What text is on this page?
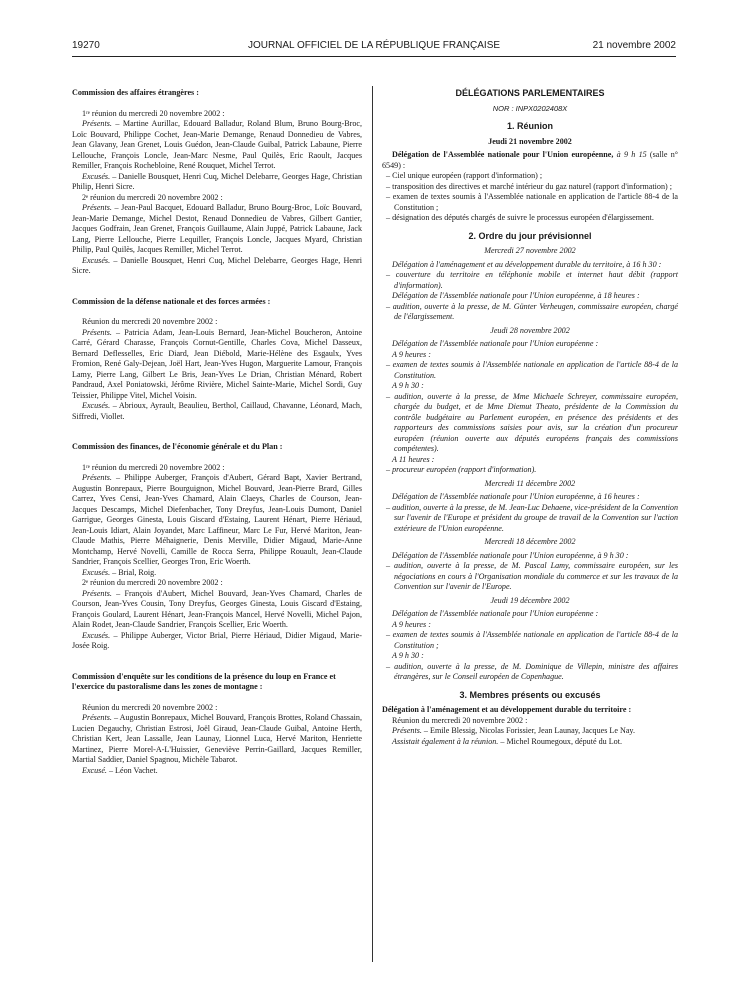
19270	JOURNAL OFFICIEL DE LA RÉPUBLIQUE FRANÇAISE	21 novembre 2002

Commission des affaires étrangères :

1ʳᵉ réunion du mercredi 20 novembre 2002 :

Présents. – Martine Aurillac, Edouard Balladur, Roland Blum, Bruno Bourg-Broc, Loïc Bouvard, Philippe Cochet, Jean-Marie Demange, Renaud Donnedieu de Vabres, Jean Glavany, Jean Grenet, Louis Guédon, Jean-Claude Guibal, Patrick Labaune, Pierre Lellouche, François Loncle, Jean-Marc Nesme, Paul Quilès, Eric Raoult, Jacques Remiller, François Rochebloine, René Rouquet, Michel Terrot.

Excusés. – Danielle Bousquet, Henri Cuq, Michel Delebarre, Georges Hage, Christian Philip, Henri Sicre.

2ᵉ réunion du mercredi 20 novembre 2002 :

Présents. – Jean-Paul Bacquet, Edouard Balladur, Bruno Bourg-Broc, Loïc Bouvard, Jean-Marie Demange, Michel Destot, Renaud Donnedieu de Vabres, Gilbert Gantier, Jacques Godfrain, Jean Grenet, François Guillaume, Alain Juppé, Patrick Labaune, Jack Lang, Pierre Lellouche, Pierre Lequiller, François Loncle, Jacques Myard, Christian Philip, Paul Quilès, Jacques Remiller, Michel Terrot.

Excusés. – Danielle Bousquet, Henri Cuq, Michel Delebarre, Georges Hage, Henri Sicre.

Commission de la défense nationale et des forces armées :

Réunion du mercredi 20 novembre 2002 :

Présents. – Patricia Adam, Jean-Louis Bernard, Jean-Michel Boucheron, Antoine Carré, Gérard Charasse, François Cornut-Gentille, Charles Cova, Michel Dasseux, Bernard Deflesselles, Eric Diard, Jean Diébold, Marie-Hélène des Esgaulx, Yves Fromion, René Galy-Dejean, Joël Hart, Jean-Yves Hugon, Marguerite Lamour, François Lamy, Pierre Lang, Gilbert Le Bris, Jean-Yves Le Drian, Christian Ménard, Robert Pandraud, Axel Poniatowski, Jérôme Rivière, Michel Sainte-Marie, Michel Sordi, Guy Teissier, Philippe Vitel, Michel Voisin.

Excusés. – Abrioux, Ayrault, Beaulieu, Berthol, Caillaud, Chavanne, Léonard, Mach, Siffredi, Viollet.

Commission des finances, de l'économie générale et du Plan :

1ʳᵉ réunion du mercredi 20 novembre 2002 :

Présents. – Philippe Auberger, François d'Aubert, Gérard Bapt, Xavier Bertrand, Augustin Bonrepaux, Pierre Bourguignon, Michel Bouvard, Jean-Pierre Brard, Gilles Carrez, Yves Censi, Jean-Yves Chamard, Alain Claeys, Charles de Courson, Jean-Jacques Descamps, Michel Diefenbacher, Tony Dreyfus, Jean-Louis Dumont, Daniel Garrigue, Georges Ginesta, Louis Giscard d'Estaing, Laurent Hénart, Pierre Hériaud, Jean-Louis Idiart, Alain Joyandet, Marc Laffineur, Marc Le Fur, Hervé Mariton, Jean-Claude Mathis, Pierre Méhaignerie, Denis Merville, Didier Migaud, Marie-Anne Montchamp, Hervé Novelli, Camille de Rocca Serra, Philippe Rouault, Jean-Claude Sandrier, François Scellier, Georges Tron, Eric Woerth.

Excusés. – Brial, Roig.

2ᵉ réunion du mercredi 20 novembre 2002 :

Présents. – François d'Aubert, Michel Bouvard, Jean-Yves Chamard, Charles de Courson, Jean-Yves Cousin, Tony Dreyfus, Georges Ginesta, Louis Giscard d'Estaing, François Goulard, Laurent Hénart, Jean-François Mancel, Hervé Novelli, Michel Pajon, Alain Rodet, Jean-Claude Sandrier, François Scellier, Eric Woerth.

Excusés. – Philippe Auberger, Victor Brial, Pierre Hériaud, Didier Migaud, Marie-Josée Roig.

Commission d'enquête sur les conditions de la présence du loup en France et l'exercice du pastoralisme dans les zones de montagne :

Réunion du mercredi 20 novembre 2002 :

Présents. – Augustin Bonrepaux, Michel Bouvard, François Brottes, Roland Chassain, Lucien Degauchy, Christian Estrosi, Joël Giraud, Jean-Claude Guibal, Antoine Herth, Christian Kert, Jean Lassalle, Jean Launay, Lionnel Luca, Hervé Mariton, Henriette Martinez, Pierre Morel-A-L'Huissier, Geneviève Perrin-Gaillard, Jacques Remiller, Martial Saddier, Daniel Spagnou, Michèle Tabarot.

Excusé. – Léon Vachet.

DÉLÉGATIONS PARLEMENTAIRES
NOR : INPX0202408X
1. Réunion
Jeudi 21 novembre 2002

Délégation de l'Assemblée nationale pour l'Union européenne, à 9 h 15 (salle n° 6549) :

– Ciel unique européen (rapport d'information) ;

– transposition des directives et marché intérieur du gaz naturel (rapport d'information) ;

– examen de textes soumis à l'Assemblée nationale en application de l'article 88-4 de la Constitution ;

– désignation des députés chargés de suivre le processus européen d'élargissement.

2. Ordre du jour prévisionnel
Mercredi 27 novembre 2002

Délégation à l'aménagement et au développement durable du territoire, à 16 h 30 :

– couverture du territoire en téléphonie mobile et internet haut débit (rapport d'information).

Délégation de l'Assemblée nationale pour l'Union européenne, à 18 heures :

– audition, ouverte à la presse, de M. Günter Verheugen, commissaire européen, chargé de l'élargissement.

Jeudi 28 novembre 2002

Délégation de l'Assemblée nationale pour l'Union européenne :

A 9 heures :

– examen de textes soumis à l'Assemblée nationale en application de l'article 88-4 de la Constitution.

A 9 h 30 :

– audition, ouverte à la presse, de Mme Michaele Schreyer, commissaire européen, chargée du budget, et de Mme Diemut Theato, présidente de la Commission du contrôle budgétaire au Parlement européen, en présence des présidents et des rapporteurs des commissions saisies pour avis, sur la création d'un procureur européen (réunion ouverte aux députés européens français des commissions compétentes).

A 11 heures :

– procureur européen (rapport d'information).

Mercredi 11 décembre 2002

Délégation de l'Assemblée nationale pour l'Union européenne, à 16 heures :

– audition, ouverte à la presse, de M. Jean-Luc Dehaene, vice-président de la Convention sur l'avenir de l'Europe et président du groupe de travail de la Convention sur l'action extérieure de l'Union européenne.

Mercredi 18 décembre 2002

Délégation de l'Assemblée nationale pour l'Union européenne, à 9 h 30 :

– audition, ouverte à la presse, de M. Pascal Lamy, commissaire européen, sur les négociations en cours à l'Organisation mondiale du commerce et sur les travaux de la Convention sur l'avenir de l'Europe.

Jeudi 19 décembre 2002

Délégation de l'Assemblée nationale pour l'Union européenne :

A 9 heures :

– examen de textes soumis à l'Assemblée nationale en application de l'article 88-4 de la Constitution ;

A 9 h 30 :

– audition, ouverte à la presse, de M. Dominique de Villepin, ministre des affaires étrangères, sur le Conseil européen de Copenhague.

3. Membres présents ou excusés

Délégation à l'aménagement et au développement durable du territoire :

Réunion du mercredi 20 novembre 2002 :

Présents. – Emile Blessig, Nicolas Forissier, Jean Launay, Jacques Le Nay.

Assistait également à la réunion. – Michel Roumegoux, député du Lot.
